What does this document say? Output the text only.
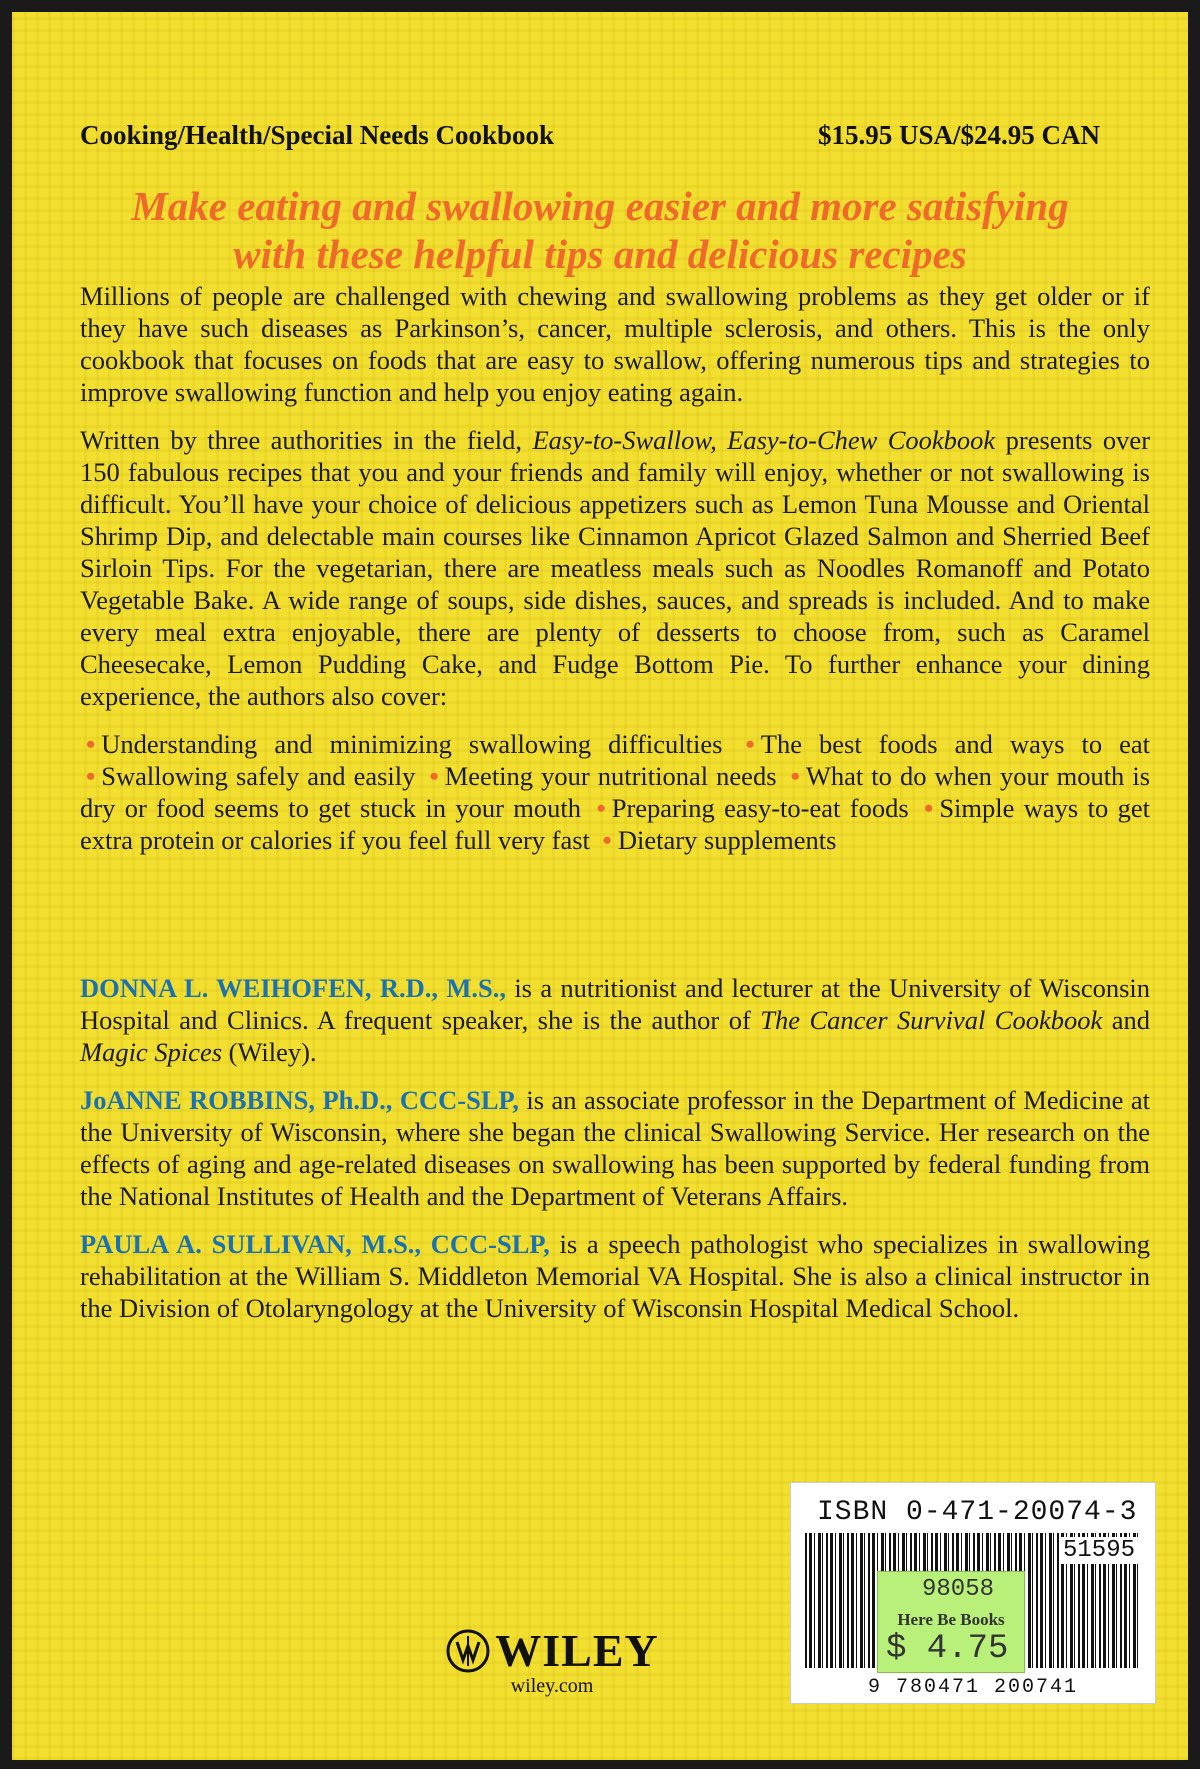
Cooking/Health/Special Needs Cookbook	$15.95 USA/$24.95 CAN
Make eating and swallowing easier and more satisfying
with these helpful tips and delicious recipes

Millions of people are challenged with chewing and swallowing problems as they get older or if they have such diseases as Parkinson’s, cancer, multiple sclerosis, and others. This is the only cookbook that focuses on foods that are easy to swallow, offering numerous tips and strategies to improve swallowing function and help you enjoy eating again.

Written by three authorities in the field, Easy-to-Swallow, Easy-to-Chew Cookbook presents over 150 fabulous recipes that you and your friends and family will enjoy, whether or not swallowing is difficult. You’ll have your choice of delicious appetizers such as Lemon Tuna Mousse and Oriental Shrimp Dip, and delectable main courses like Cinnamon Apricot Glazed Salmon and Sherried Beef Sirloin Tips. For the vegetarian, there are meatless meals such as Noodles Romanoff and Potato Vegetable Bake. A wide range of soups, side dishes, sauces, and spreads is included. And to make every meal extra enjoyable, there are plenty of desserts to choose from, such as Caramel Cheesecake, Lemon Pudding Cake, and Fudge Bottom Pie. To further enhance your dining experience, the authors also cover:

• Understanding and minimizing swallowing difficulties • The best foods and ways to eat • Swallowing safely and easily • Meeting your nutritional needs • What to do when your mouth is dry or food seems to get stuck in your mouth • Preparing easy-to-eat foods • Simple ways to get extra protein or calories if you feel full very fast • Dietary supplements

DONNA L. WEIHOFEN, R.D., M.S., is a nutritionist and lecturer at the University of Wisconsin Hospital and Clinics. A frequent speaker, she is the author of The Cancer Survival Cookbook and Magic Spices (Wiley).

JoANNE ROBBINS, Ph.D., CCC-SLP, is an associate professor in the Department of Medicine at the University of Wisconsin, where she began the clinical Swallowing Service. Her research on the effects of aging and age-related diseases on swallowing has been supported by federal funding from the National Institutes of Health and the Department of Veterans Affairs.

PAULA A. SULLIVAN, M.S., CCC-SLP, is a speech pathologist who specializes in swallowing rehabilitation at the William S. Middleton Memorial VA Hospital. She is also a clinical instructor in the Division of Otolaryngology at the University of Wisconsin Hospital Medical School.

ISBN 0-471-20074-3
51595
9 780471 200741
98058
Here Be Books
$ 4.75
WILEY
wiley.com
